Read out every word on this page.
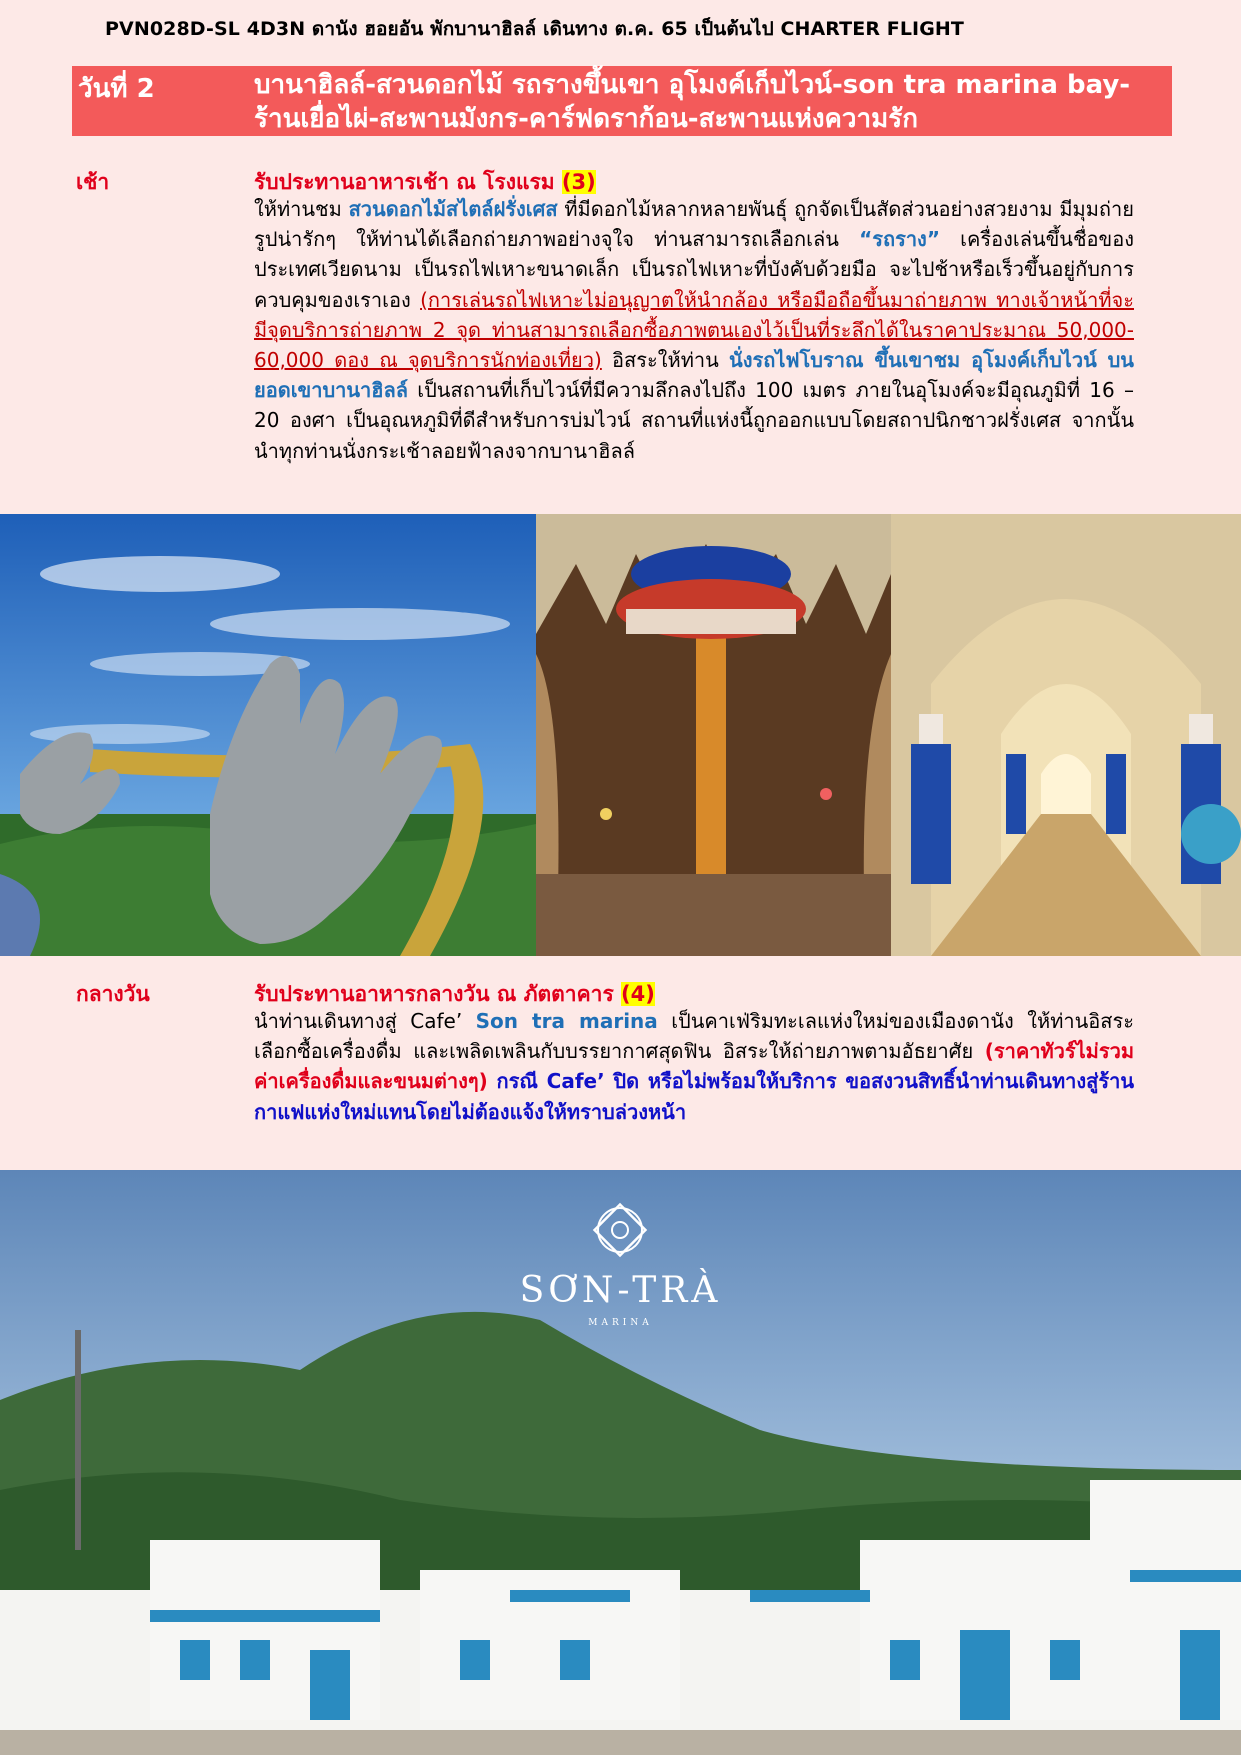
PVN028D-SL 4D3N ดานัง ฮอยอัน พักบานาฮิลล์ เดินทาง ต.ค. 65 เป็นต้นไป CHARTER FLIGHT
วันที่ 2	บานาฮิลล์-สวนดอกไม้ รถรางขึ้นเขา อุโมงค์เก็บไวน์-son tra marina bay-ร้านเยื่อไผ่-สะพานมังกร-คาร์ฟดราก้อน-สะพานแห่งความรัก
เช้า	รับประทานอาหารเช้า ณ โรงแรม (3)
ให้ท่านชม สวนดอกไม้สไตล์ฝรั่งเศส ที่มีดอกไม้หลากหลายพันธุ์ ถูกจัดเป็นสัดส่วนอย่างสวยงาม มีมุมถ่ายรูปน่ารักๆ ให้ท่านได้เลือกถ่ายภาพอย่างจุใจ ท่านสามารถเลือกเล่น “รถราง” เครื่องเล่นขึ้นชื่อของประเทศเวียดนาม เป็นรถไฟเหาะขนาดเล็ก เป็นรถไฟเหาะที่บังคับด้วยมือ จะไปช้าหรือเร็วขึ้นอยู่กับการควบคุมของเราเอง (การเล่นรถไฟเหาะไม่อนุญาตให้นำกล้อง หรือมือถือขึ้นมาถ่ายภาพ ทางเจ้าหน้าที่จะมีจุดบริการถ่ายภาพ 2 จุด ท่านสามารถเลือกซื้อภาพตนเองไว้เป็นที่ระลึกได้ในราคาประมาณ 50,000-60,000 ดอง ณ จุดบริการนักท่องเที่ยว) อิสระให้ท่าน นั่งรถไฟโบราณ ขึ้นเขาชม อุโมงค์เก็บไวน์ บนยอดเขาบานาฮิลล์ เป็นสถานที่เก็บไวน์ที่มีความลึกลงไปถึง 100 เมตร ภายในอุโมงค์จะมีอุณภูมิที่ 16 – 20 องศา เป็นอุณหภูมิที่ดีสำหรับการบ่มไวน์ สถานที่แห่งนี้ถูกออกแบบโดยสถาปนิกชาวฝรั่งเศส จากนั้นนำทุกท่านนั่งกระเช้าลอยฟ้าลงจากบานาฮิลล์
กลางวัน	รับประทานอาหารกลางวัน ณ ภัตตาคาร (4)
นำท่านเดินทางสู่ Cafe’ Son tra marina เป็นคาเฟ่ริมทะเลแห่งใหม่ของเมืองดานัง ให้ท่านอิสระเลือกซื้อเครื่องดื่ม และเพลิดเพลินกับบรรยากาศสุดฟิน อิสระให้ถ่ายภาพตามอัธยาศัย (ราคาทัวร์ไม่รวมค่าเครื่องดื่มและขนมต่างๆ) กรณี Cafe’ ปิด หรือไม่พร้อมให้บริการ ขอสงวนสิทธิ์นำท่านเดินทางสู่ร้านกาแฟแห่งใหม่แทนโดยไม่ต้องแจ้งให้ทราบล่วงหน้า
SƠN-TRÀ
MARINA
